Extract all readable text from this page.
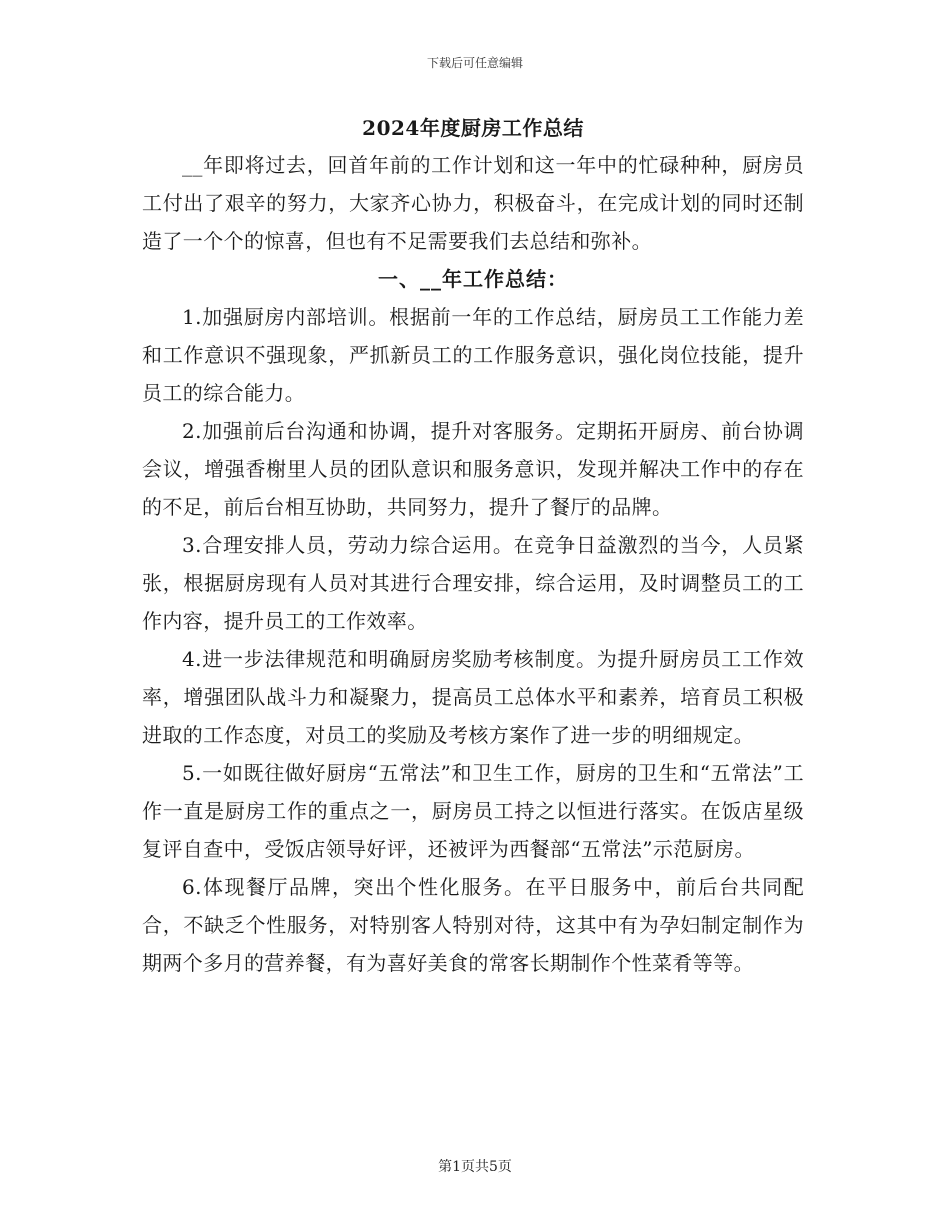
下载后可任意编辑
2024年度厨房工作总结

__年即将过去，回首年前的工作计划和这一年中的忙碌种种，厨房员工付出了艰辛的努力，大家齐心协力，积极奋斗，在完成计划的同时还制造了一个个的惊喜，但也有不足需要我们去总结和弥补。

一、__年工作总结：

1.加强厨房内部培训。根据前一年的工作总结，厨房员工工作能力差和工作意识不强现象，严抓新员工的工作服务意识，强化岗位技能，提升员工的综合能力。

2.加强前后台沟通和协调，提升对客服务。定期拓开厨房、前台协调会议，增强香榭里人员的团队意识和服务意识，发现并解决工作中的存在的不足，前后台相互协助，共同努力，提升了餐厅的品牌。

3.合理安排人员，劳动力综合运用。在竞争日益激烈的当今，人员紧张，根据厨房现有人员对其进行合理安排，综合运用，及时调整员工的工作内容，提升员工的工作效率。

4.进一步法律规范和明确厨房奖励考核制度。为提升厨房员工工作效率，增强团队战斗力和凝聚力，提高员工总体水平和素养，培育员工积极进取的工作态度，对员工的奖励及考核方案作了进一步的明细规定。

5.一如既往做好厨房“五常法”和卫生工作，厨房的卫生和“五常法”工作一直是厨房工作的重点之一，厨房员工持之以恒进行落实。在饭店星级复评自查中，受饭店领导好评，还被评为西餐部“五常法”示范厨房。

6.体现餐厅品牌，突出个性化服务。在平日服务中，前后台共同配合，不缺乏个性服务，对特别客人特别对待，这其中有为孕妇制定制作为期两个多月的营养餐，有为喜好美食的常客长期制作个性菜肴等等。

第1页共5页
